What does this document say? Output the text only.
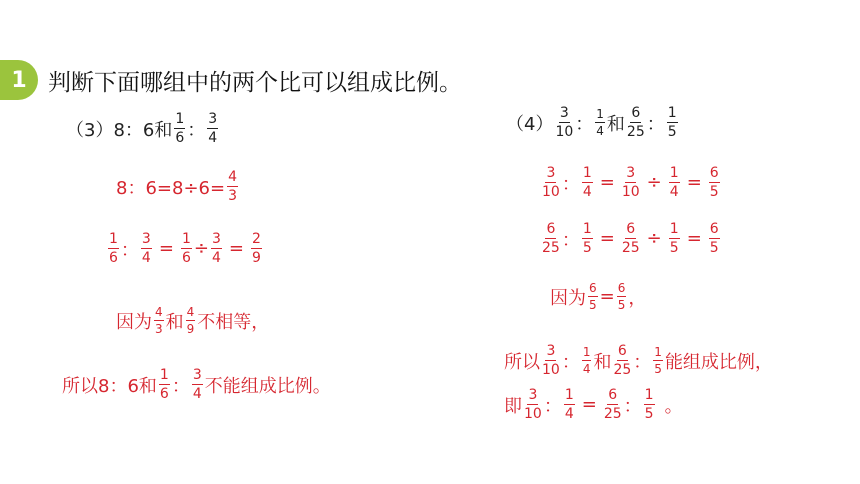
1 判断下面哪组中的两个比可以组成比例。
（3）8：6和
1
6 ：
3
4
8：$6=8\div 6= \frac{4}{3}$
1
6 ： $\frac{3}{4} = \frac{1}{6} \div \frac{3}{4} = \frac{2}{9}$
因为 4
3 和 4
9 不相等，
所以8：6和
1
6 ：
3
4 不能组成比例。
（4）
3
10 ： 1
4 和
6
25 ：
1
5
3
10 ： $\frac{1}{4} = \frac{3}{10} \div \frac{1}{4} = \frac{6}{5}$
6
25 ： $\frac{1}{5} = \frac{6}{25} \div \frac{1}{5} = \frac{6}{5}$
因为 $\frac{6}{5} = \frac{6}{5}$ ，
所以
3
10 ： 1
4 和
6
25 ： 1
5 能组成比例，
即
3
10 ： $\frac{1}{4} = \frac{6}{25}$ ：
1
5 。
